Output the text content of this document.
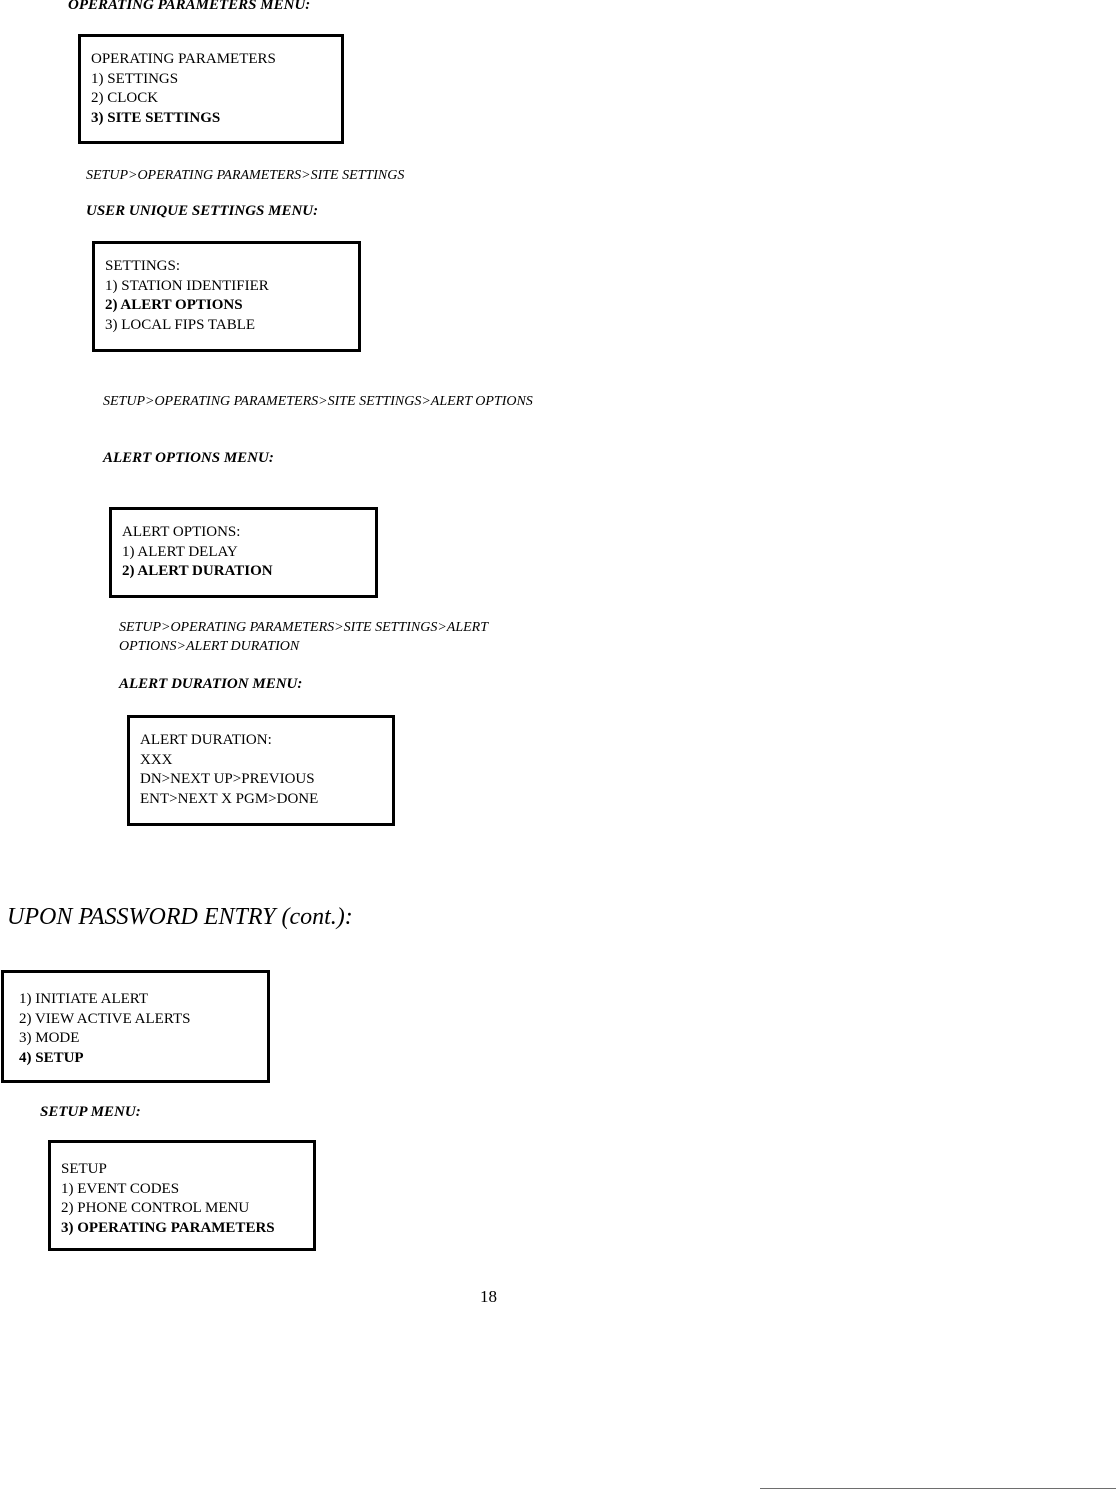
OPERATING PARAMETERS MENU:
OPERATING PARAMETERS
1) SETTINGS
2) CLOCK
3) SITE SETTINGS
SETUP>OPERATING PARAMETERS>SITE SETTINGS
USER UNIQUE SETTINGS MENU:
SETTINGS:
1) STATION IDENTIFIER
2) ALERT OPTIONS
3) LOCAL FIPS TABLE
SETUP>OPERATING PARAMETERS>SITE SETTINGS>ALERT OPTIONS
ALERT OPTIONS MENU:
ALERT OPTIONS:
1) ALERT DELAY
2) ALERT DURATION
SETUP>OPERATING PARAMETERS>SITE SETTINGS>ALERT
OPTIONS>ALERT DURATION
ALERT DURATION MENU:
ALERT DURATION:
XXX
DN>NEXT UP>PREVIOUS
ENT>NEXT X PGM>DONE
UPON PASSWORD ENTRY (cont.):
1) INITIATE ALERT
2) VIEW ACTIVE ALERTS
3) MODE
4) SETUP
SETUP MENU:
SETUP
1) EVENT CODES
2) PHONE CONTROL MENU
3) OPERATING PARAMETERS
18
